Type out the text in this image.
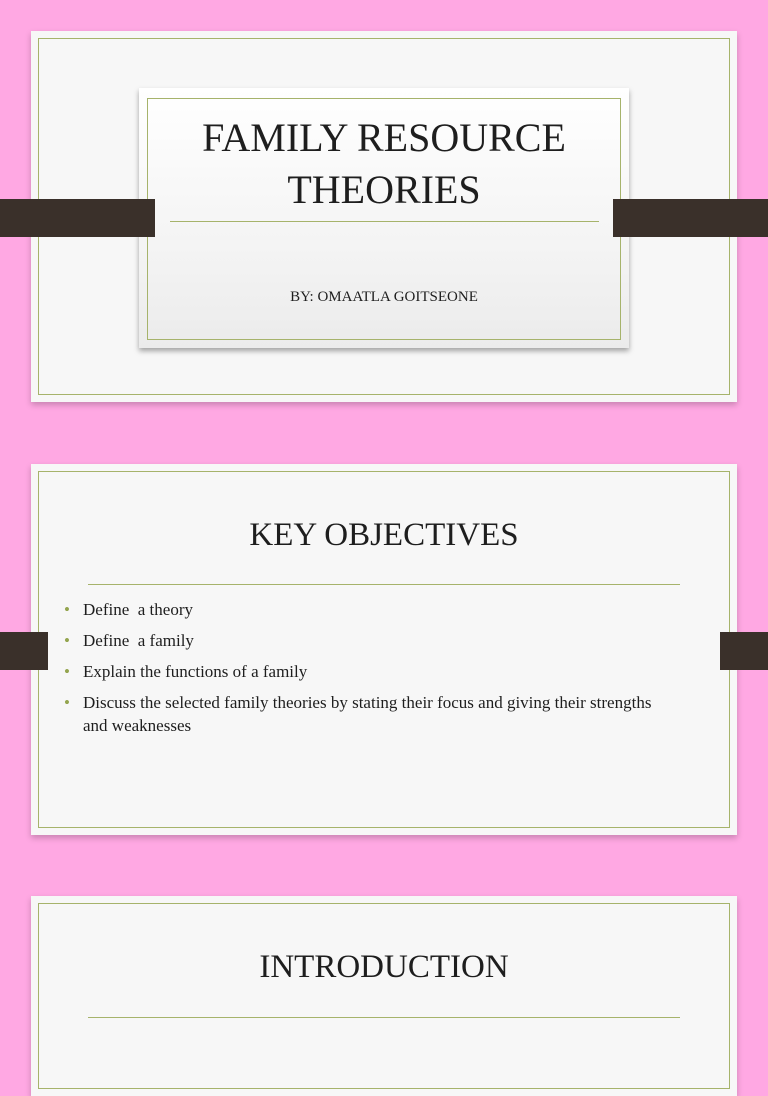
FAMILY RESOURCE
THEORIES
BY: OMAATLA GOITSEONE
KEY OBJECTIVES
• Define  a theory
• Define  a family
• Explain the functions of a family
• Discuss the selected family theories by stating their focus and giving their strengths and weaknesses
INTRODUCTION
